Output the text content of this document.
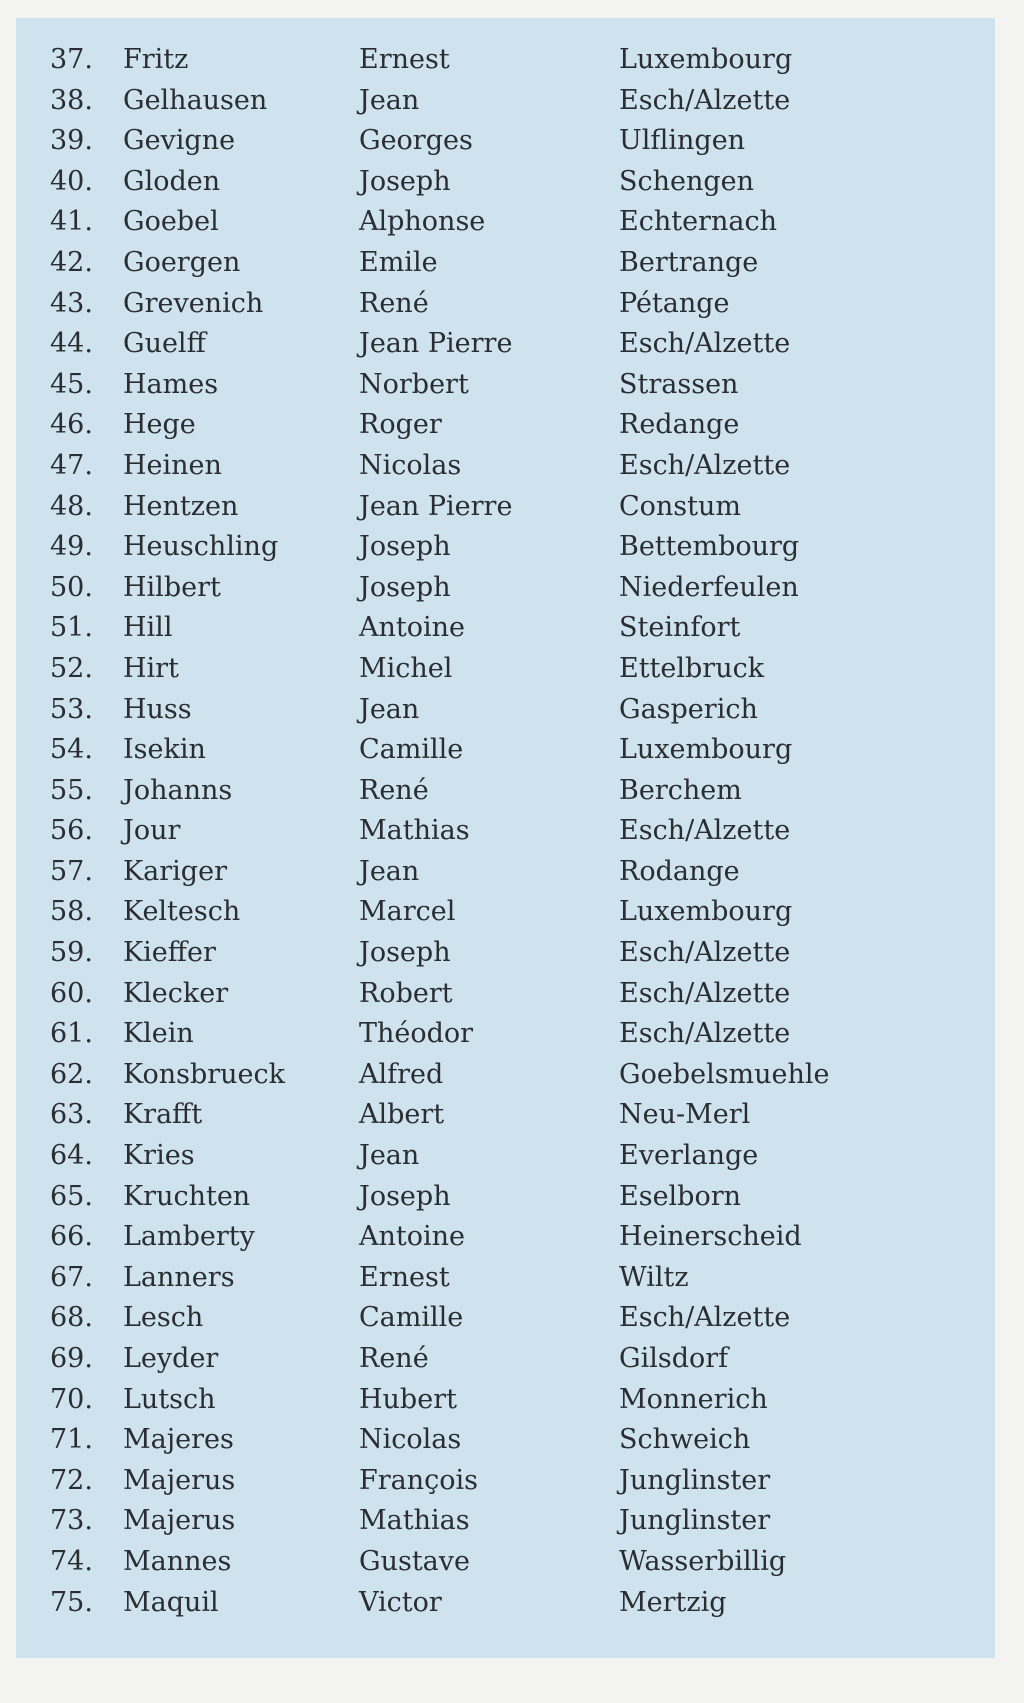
37. Fritz	Ernest	Luxembourg
38. Gelhausen	Jean	Esch/Alzette
39. Gevigne	Georges	Ulflingen
40. Gloden	Joseph	Schengen
41. Goebel	Alphonse	Echternach
42. Goergen	Emile	Bertrange
43. Grevenich	René	Pétange
44. Guelff	Jean Pierre	Esch/Alzette
45. Hames	Norbert	Strassen
46. Hege	Roger	Redange
47. Heinen	Nicolas	Esch/Alzette
48. Hentzen	Jean Pierre	Constum
49. Heuschling	Joseph	Bettembourg
50. Hilbert	Joseph	Niederfeulen
51. Hill	Antoine	Steinfort
52. Hirt	Michel	Ettelbruck
53. Huss	Jean	Gasperich
54. Isekin	Camille	Luxembourg
55. Johanns	René	Berchem
56. Jour	Mathias	Esch/Alzette
57. Kariger	Jean	Rodange
58. Keltesch	Marcel	Luxembourg
59. Kieffer	Joseph	Esch/Alzette
60. Klecker	Robert	Esch/Alzette
61. Klein	Théodor	Esch/Alzette
62. Konsbrueck	Alfred	Goebelsmuehle
63. Krafft	Albert	Neu-Merl
64. Kries	Jean	Everlange
65. Kruchten	Joseph	Eselborn
66. Lamberty	Antoine	Heinerscheid
67. Lanners	Ernest	Wiltz
68. Lesch	Camille	Esch/Alzette
69. Leyder	René	Gilsdorf
70. Lutsch	Hubert	Monnerich
71. Majeres	Nicolas	Schweich
72. Majerus	François	Junglinster
73. Majerus	Mathias	Junglinster
74. Mannes	Gustave	Wasserbillig
75. Maquil	Victor	Mertzig
